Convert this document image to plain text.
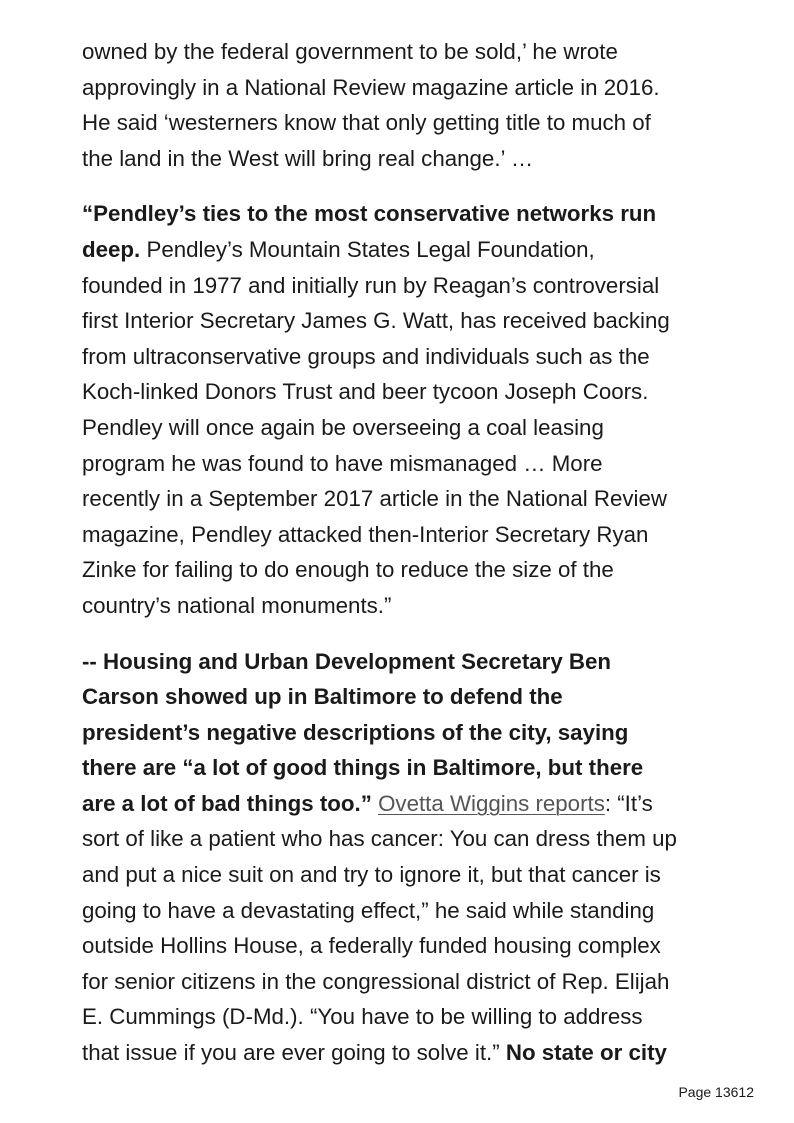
owned by the federal government to be sold,’ he wrote
approvingly in a National Review magazine article in 2016.
He said ‘westerners know that only getting title to much of
the land in the West will bring real change.’ …
“Pendley’s ties to the most conservative networks run
deep. Pendley’s Mountain States Legal Foundation,
founded in 1977 and initially run by Reagan’s controversial
first Interior Secretary James G. Watt, has received backing
from ultraconservative groups and individuals such as the
Koch-linked Donors Trust and beer tycoon Joseph Coors.
Pendley will once again be overseeing a coal leasing
program he was found to have mismanaged … More
recently in a September 2017 article in the National Review
magazine, Pendley attacked then-Interior Secretary Ryan
Zinke for failing to do enough to reduce the size of the
country’s national monuments.”
-- Housing and Urban Development Secretary Ben
Carson showed up in Baltimore to defend the
president’s negative descriptions of the city, saying
there are “a lot of good things in Baltimore, but there
are a lot of bad things too.” Ovetta Wiggins reports: “It’s
sort of like a patient who has cancer: You can dress them up
and put a nice suit on and try to ignore it, but that cancer is
going to have a devastating effect,” he said while standing
outside Hollins House, a federally funded housing complex
for senior citizens in the congressional district of Rep. Elijah
E. Cummings (D-Md.). “You have to be willing to address
that issue if you are ever going to solve it.” No state or city
Page 13612
